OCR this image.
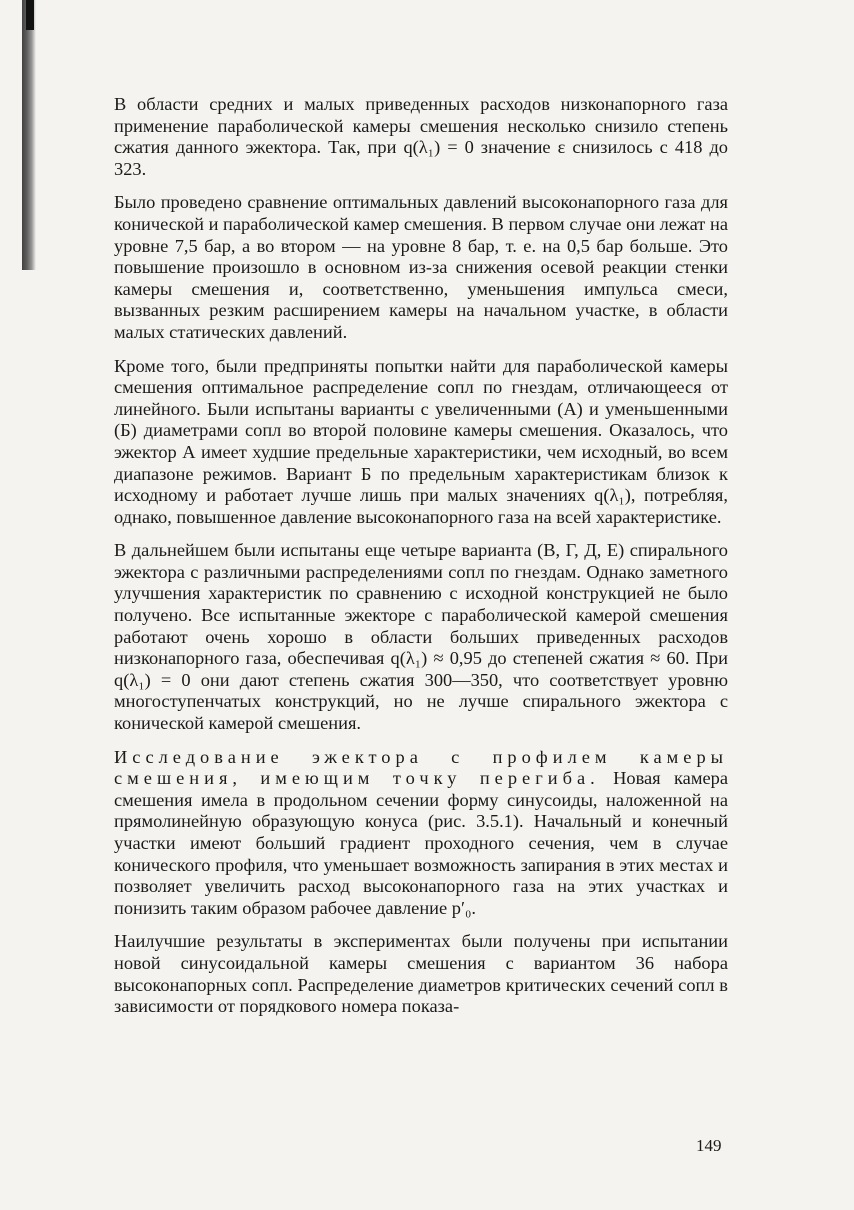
В области средних и малых приведенных расходов низконапорного газа применение параболической камеры смешения несколько снизило степень сжатия данного эжектора. Так, при q(λ₁) = 0 значение ε снизилось с 418 до 323.

Было проведено сравнение оптимальных давлений высоконапорного газа для конической и параболической камер смешения. В первом случае они лежат на уровне 7,5 бар, а во втором — на уровне 8 бар, т. е. на 0,5 бар больше. Это повышение произошло в основном из-за снижения осевой реакции стенки камеры смешения и, соответственно, уменьшения импульса смеси, вызванных резким расширением камеры на начальном участке, в области малых статических давлений.

Кроме того, были предприняты попытки найти для параболической камеры смешения оптимальное распределение сопл по гнездам, отличающееся от линейного. Были испытаны варианты с увеличенными (А) и уменьшенными (Б) диаметрами сопл во второй половине камеры смешения. Оказалось, что эжектор А имеет худшие предельные характеристики, чем исходный, во всем диапазоне режимов. Вариант Б по предельным характеристикам близок к исходному и работает лучше лишь при малых значениях q(λ₁), потребляя, однако, повышенное давление высоконапорного газа на всей характеристике.

В дальнейшем были испытаны еще четыре варианта (В, Г, Д, Е) спирального эжектора с различными распределениями сопл по гнездам. Однако заметного улучшения характеристик по сравнению с исходной конструкцией не было получено. Все испытанные эжекторе с параболической камерой смешения работают очень хорошо в области больших приведенных расходов низконапорного газа, обеспечивая q(λ₁) ≈ 0,95 до степеней сжатия ≈ 60. При q(λ₁) = 0 они дают степень сжатия 300—350, что соответствует уровню многоступенчатых конструкций, но не лучше спирального эжектора с конической камерой смешения.

Исследование эжектора с профилем камеры смешения, имеющим точку перегиба. Новая камера смешения имела в продольном сечении форму синусоиды, наложенной на прямолинейную образующую конуса (рис. 3.5.1). Начальный и конечный участки имеют больший градиент проходного сечения, чем в случае конического профиля, что уменьшает возможность запирания в этих местах и позволяет увеличить расход высоконапорного газа на этих участках и понизить таким образом рабочее давление p′₀.

Наилучшие результаты в экспериментах были получены при испытании новой синусоидальной камеры смешения с вариантом 36 набора высоконапорных сопл. Распределение диаметров критических сечений сопл в зависимости от порядкового номера показа-

149
